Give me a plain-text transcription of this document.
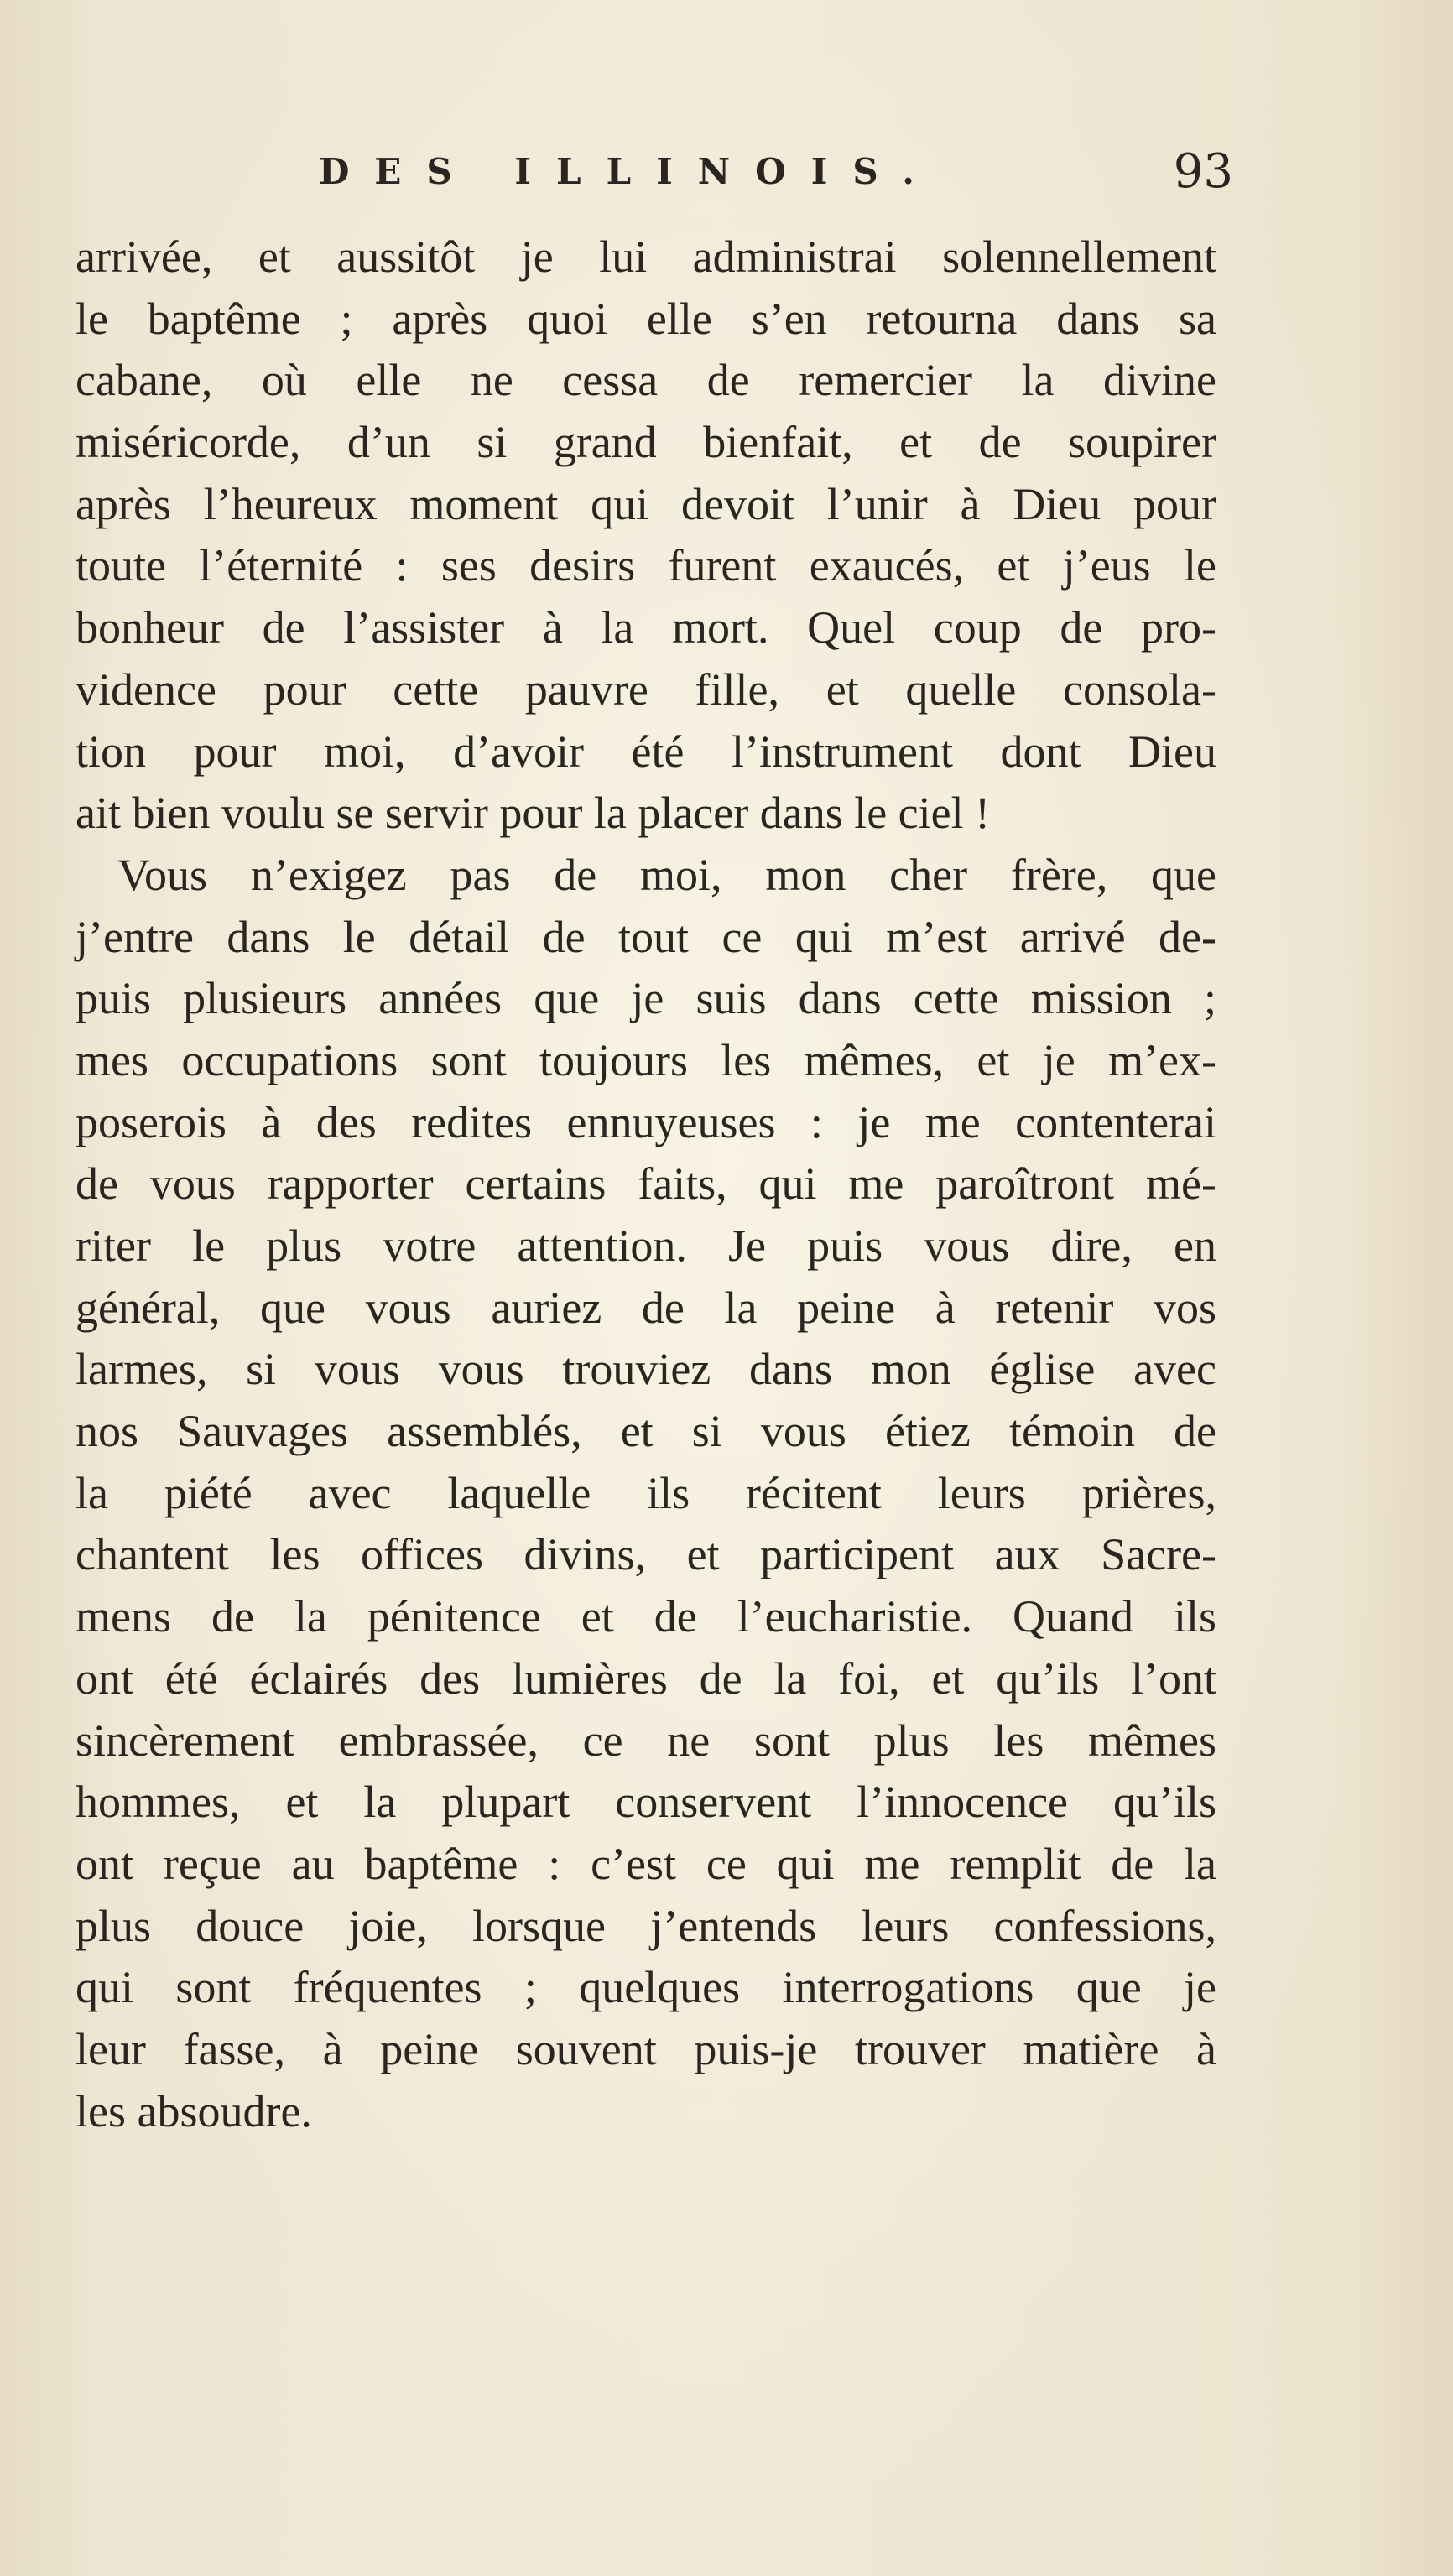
DES ILLINOIS.	93
arrivée, et aussitôt je lui administrai solennellement
le baptême ; après quoi elle s’en retourna dans sa
cabane, où elle ne cessa de remercier la divine
miséricorde, d’un si grand bienfait, et de soupirer
après l’heureux moment qui devoit l’unir à Dieu pour
toute l’éternité : ses desirs furent exaucés, et j’eus le
bonheur de l’assister à la mort. Quel coup de pro-
vidence pour cette pauvre fille, et quelle consola-
tion pour moi, d’avoir été l’instrument dont Dieu
ait bien voulu se servir pour la placer dans le ciel !
Vous n’exigez pas de moi, mon cher frère, que
j’entre dans le détail de tout ce qui m’est arrivé de-
puis plusieurs années que je suis dans cette mission ;
mes occupations sont toujours les mêmes, et je m’ex-
poserois à des redites ennuyeuses : je me contenterai
de vous rapporter certains faits, qui me paroîtront mé-
riter le plus votre attention. Je puis vous dire, en
général, que vous auriez de la peine à retenir vos
larmes, si vous vous trouviez dans mon église avec
nos Sauvages assemblés, et si vous étiez témoin de
la piété avec laquelle ils récitent leurs prières,
chantent les offices divins, et participent aux Sacre-
mens de la pénitence et de l’eucharistie. Quand ils
ont été éclairés des lumières de la foi, et qu’ils l’ont
sincèrement embrassée, ce ne sont plus les mêmes
hommes, et la plupart conservent l’innocence qu’ils
ont reçue au baptême : c’est ce qui me remplit de la
plus douce joie, lorsque j’entends leurs confessions,
qui sont fréquentes ; quelques interrogations que je
leur fasse, à peine souvent puis-je trouver matière à
les absoudre.
